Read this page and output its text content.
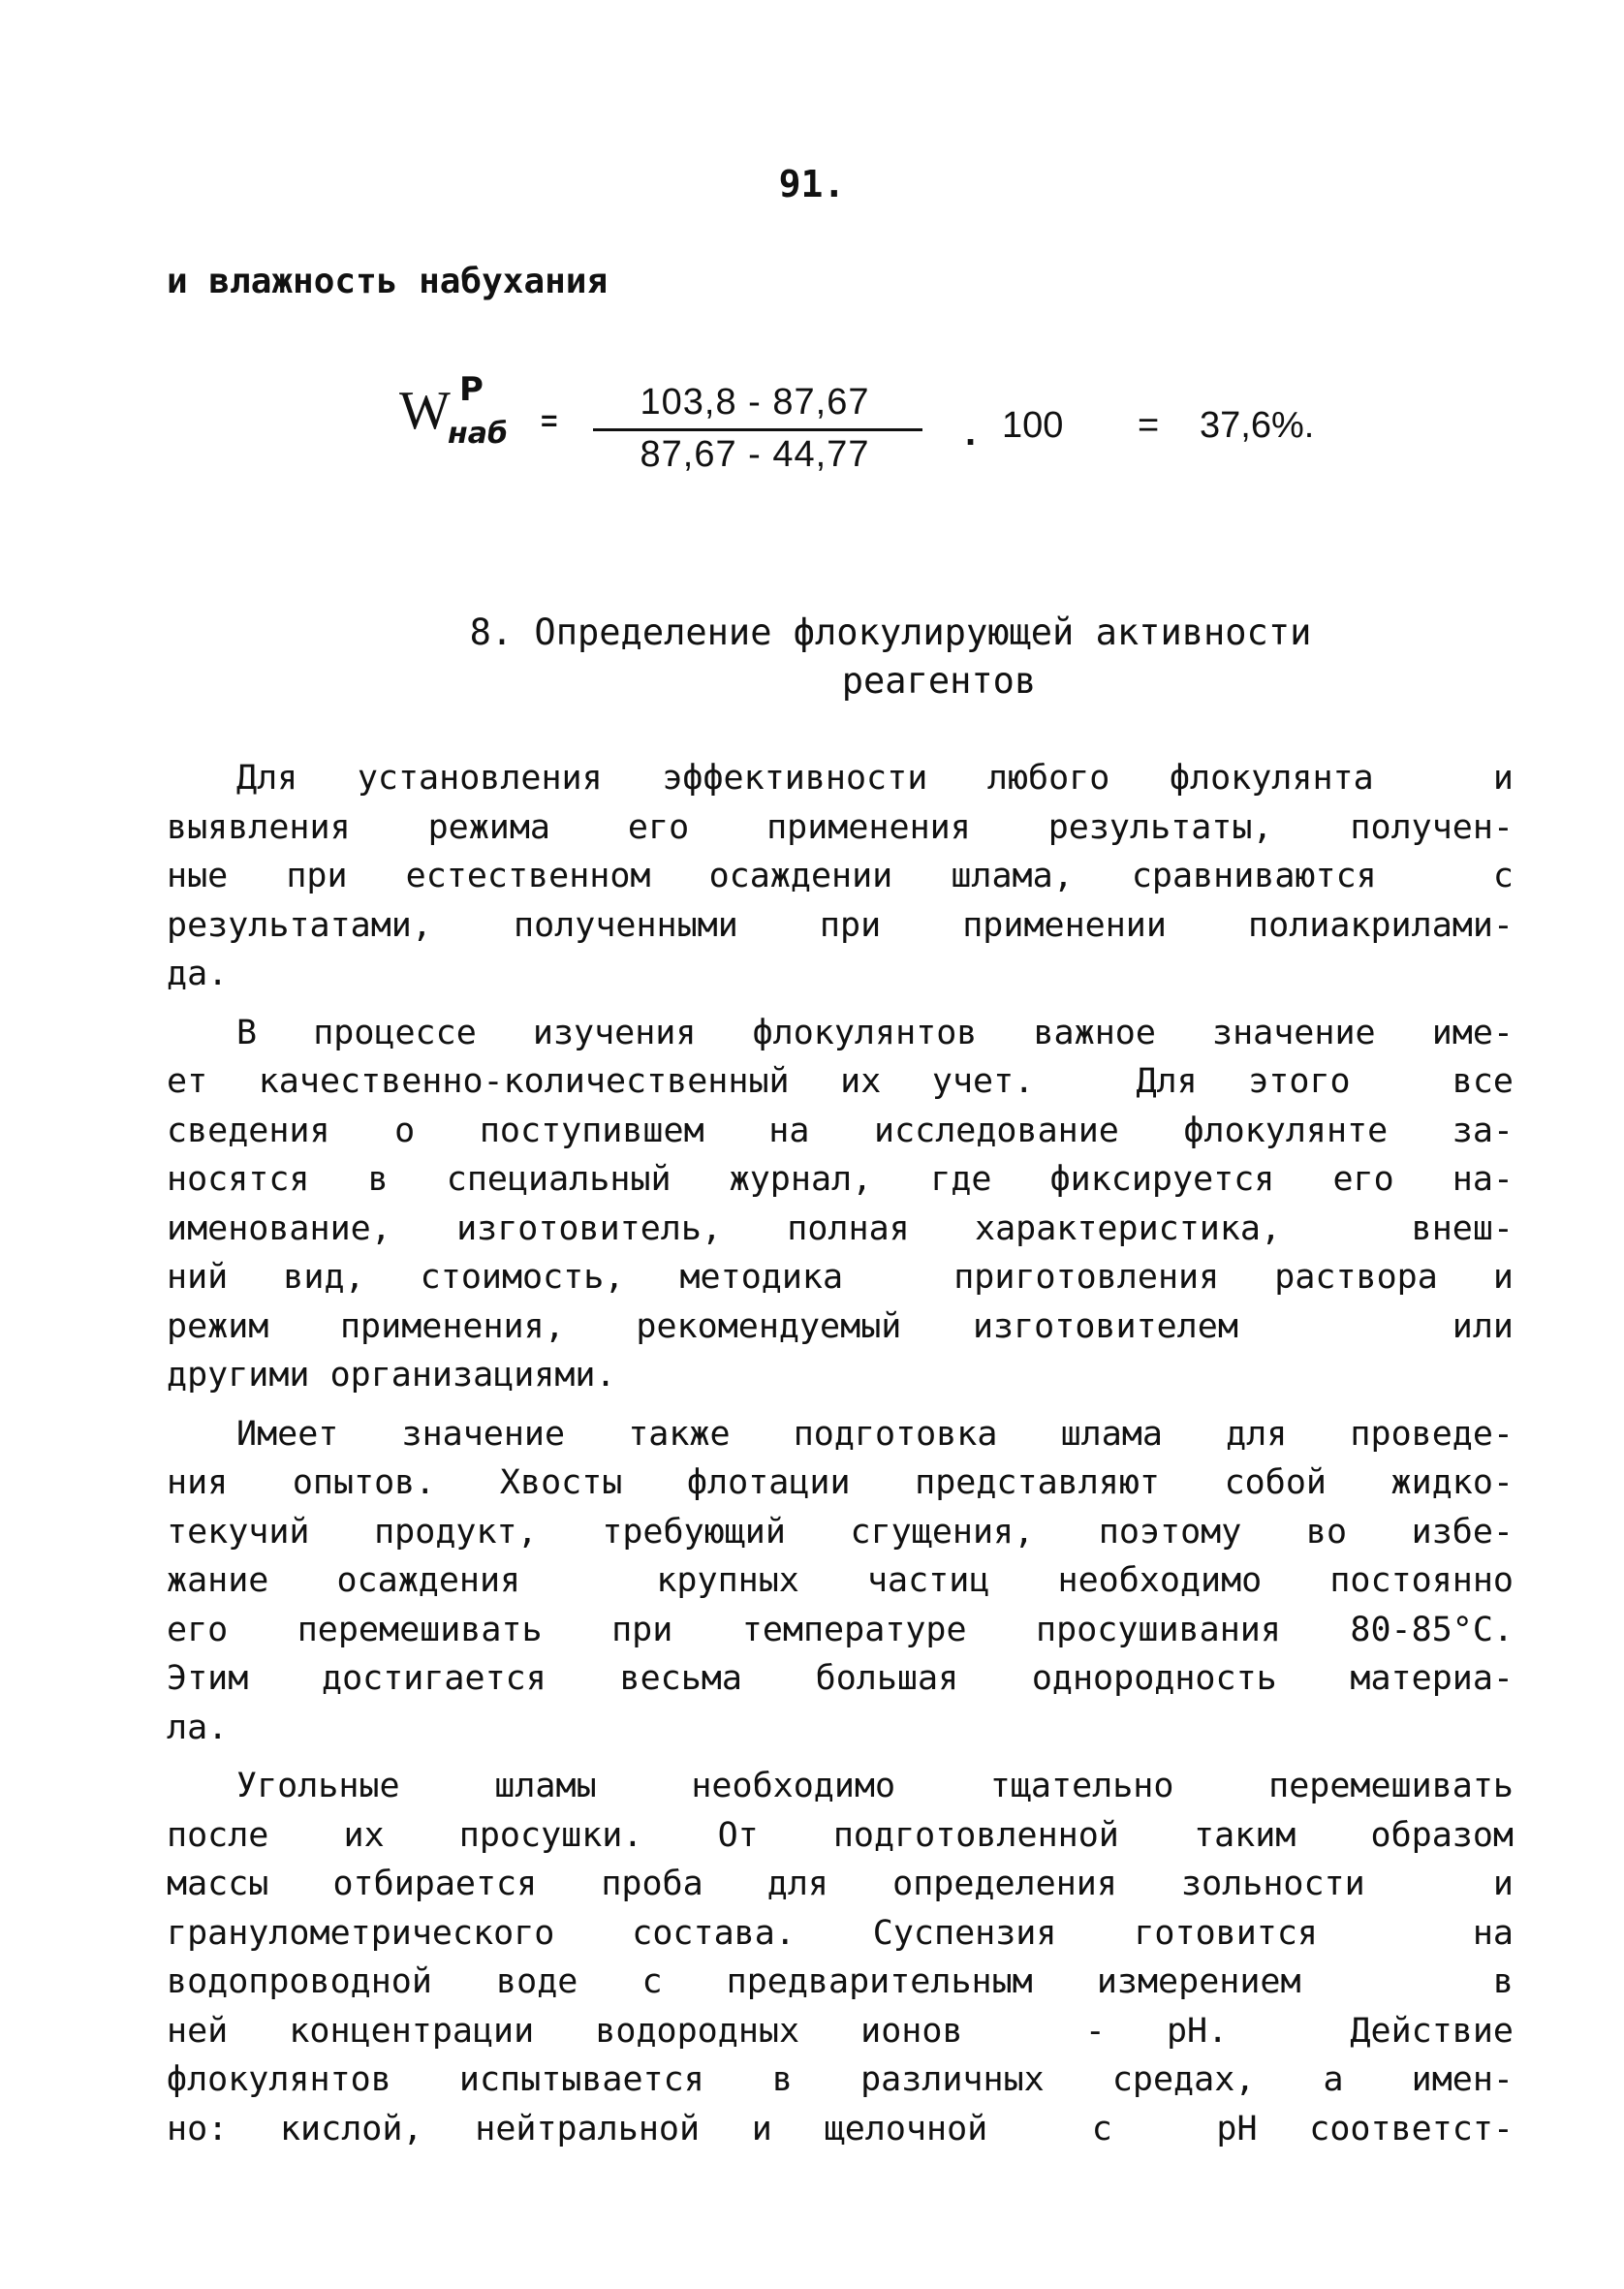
91.
и влажность набухания
W P
наб =	103,8 - 87,67
87,67 - 44,77
. 100 = 37,6%.
8. Определение флокулирующей активности
реагентов
Для установления эффективности любого флокулянта  и
выявления режима его применения результаты, получен-
ные при естественном осаждении шлама, сравниваются  с
результатами, полученными при применении полиакрилами-
да.
В процессе изучения флокулянтов важное значение име-
ет качественно-количественный их учет.  Для этого  все
сведения о поступившем на исследование флокулянте за-
носятся в специальный журнал, где фиксируется его на-
именование, изготовитель, полная характеристика,  внеш-
ний вид, стоимость, методика  приготовления раствора и
режим применения, рекомендуемый изготовителем   или
другими организациями.
Имеет значение также подготовка шлама для проведе-
ния опытов. Хвосты флотации представляют собой жидко-
текучий продукт, требующий сгущения, поэтому во избе-
жание осаждения  крупных частиц необходимо постоянно
его перемешивать при температуре просушивания 80-85°С.
Этим достигается весьма большая однородность материа-
ла.
Угольные шламы необходимо тщательно перемешивать
после их просушки. От подготовленной таким образом
массы отбирается проба для определения зольности  и
гранулометрического состава. Суспензия готовится  на
водопроводной воде с предварительным измерением   в
ней концентрации водородных ионов  - рН.  Действие
флокулянтов испытывается в различных средах, а имен-
но: кислой, нейтральной и щелочной  с  рН соответст-
